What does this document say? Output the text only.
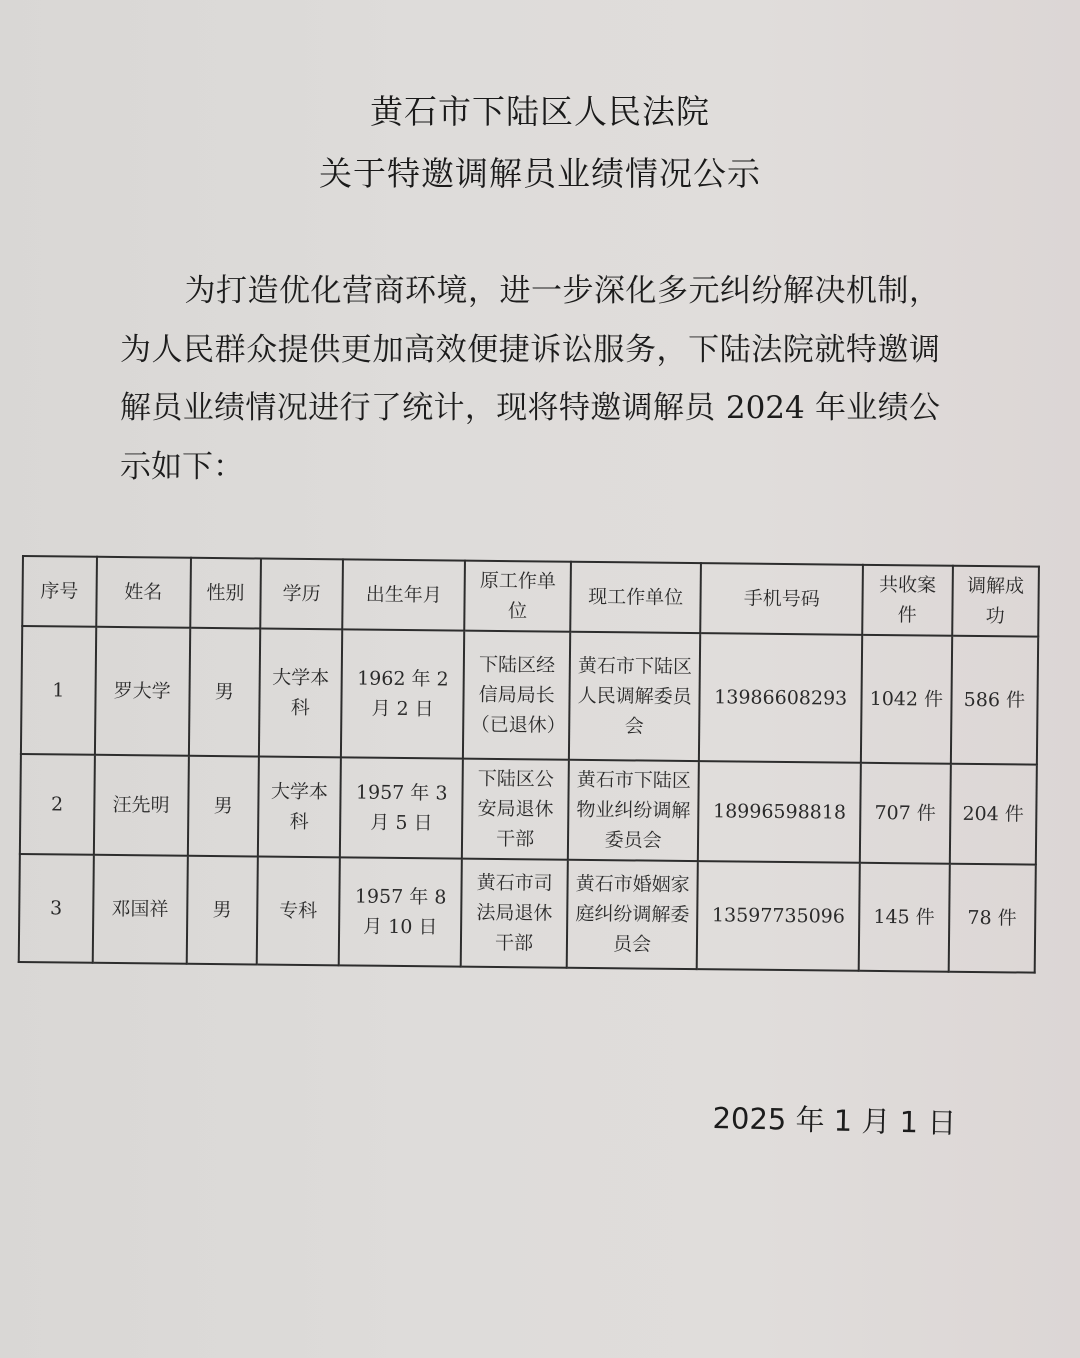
黄石市下陆区人民法院
关于特邀调解员业绩情况公示
为打造优化营商环境，进一步深化多元纠纷解决机制，为人民群众提供更加高效便捷诉讼服务，下陆法院就特邀调解员业绩情况进行了统计，现将特邀调解员 2024 年业绩公示如下：
序号	姓名	性别	学历	出生年月	原工作单位	现工作单位	手机号码	共收案件	调解成功
1	罗大学	男	大学本科	1962 年 2 月 2 日	下陆区经信局局长（已退休）	黄石市下陆区人民调解委员会	13986608293	1042 件	586 件
2	汪先明	男	大学本科	1957 年 3 月 5 日	下陆区公安局退休干部	黄石市下陆区物业纠纷调解委员会	18996598818	707 件	204 件
3	邓国祥	男	专科	1957 年 8 月 10 日	黄石市司法局退休干部	黄石市婚姻家庭纠纷调解委员会	13597735096	145 件	78 件
2025 年 1 月 1 日
